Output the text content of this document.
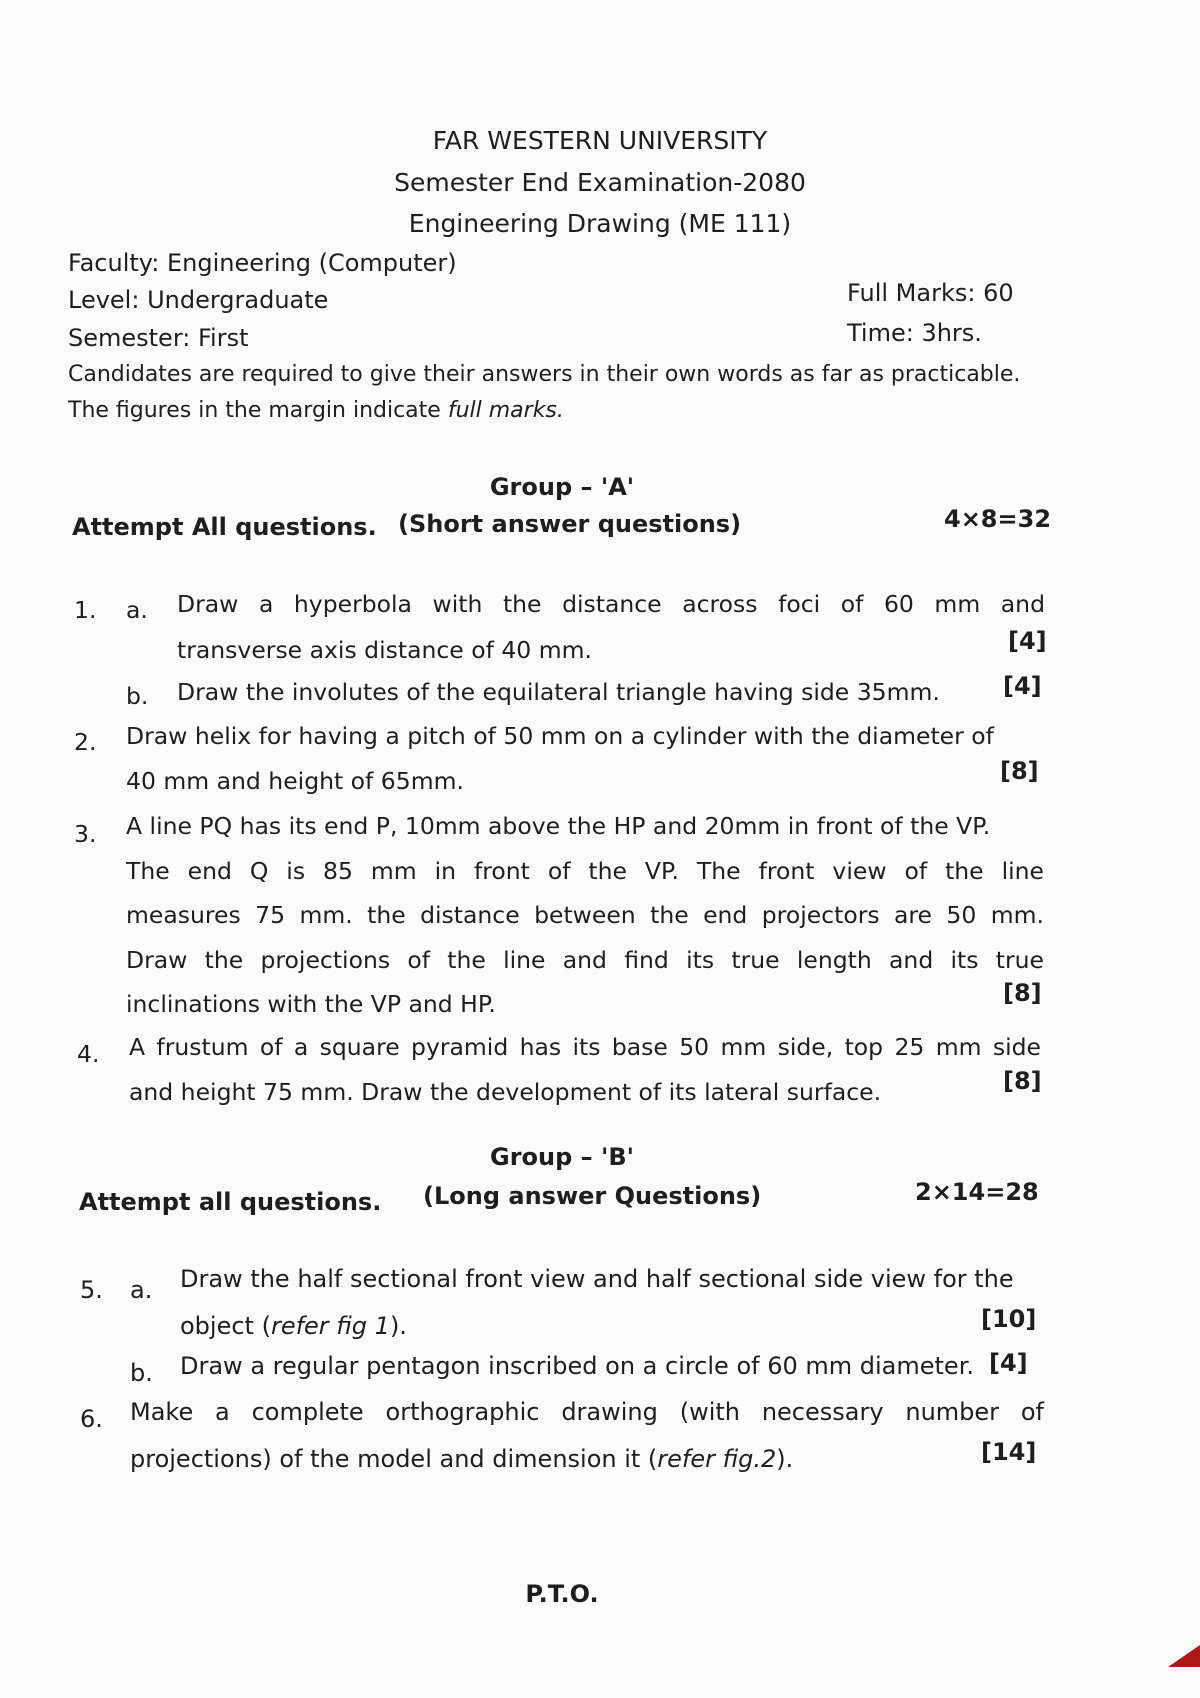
FAR WESTERN UNIVERSITY
Semester End Examination-2080
Engineering Drawing (ME 111)
Faculty: Engineering (Computer)
Level: Undergraduate
Semester: First
Full Marks: 60
Time: 3hrs.
Candidates are required to give their answers in their own words as far as practicable.
The figures in the margin indicate full marks.
Group – 'A'
Attempt All questions. (Short answer questions)	4×8=32
1. a. Draw a hyperbola with the distance across foci of 60 mm and
transverse axis distance of 40 mm.	[4]
b. Draw the involutes of the equilateral triangle having side 35mm.	[4]
2. Draw helix for having a pitch of 50 mm on a cylinder with the diameter of
40 mm and height of 65mm.	[8]
3. A line PQ has its end P, 10mm above the HP and 20mm in front of the VP.
The end Q is 85 mm in front of the VP. The front view of the line
measures 75 mm. the distance between the end projectors are 50 mm.
Draw the projections of the line and find its true length and its true
inclinations with the VP and HP.	[8]
4. A frustum of a square pyramid has its base 50 mm side, top 25 mm side
and height 75 mm. Draw the development of its lateral surface.	[8]
Group – 'B'
Attempt all questions. (Long answer Questions)	2×14=28
5. a. Draw the half sectional front view and half sectional side view for the
object (refer fig 1).	[10]
b. Draw a regular pentagon inscribed on a circle of 60 mm diameter. [4]
6. Make a complete orthographic drawing (with necessary number of
projections) of the model and dimension it (refer fig.2).	[14]
P.T.O.
